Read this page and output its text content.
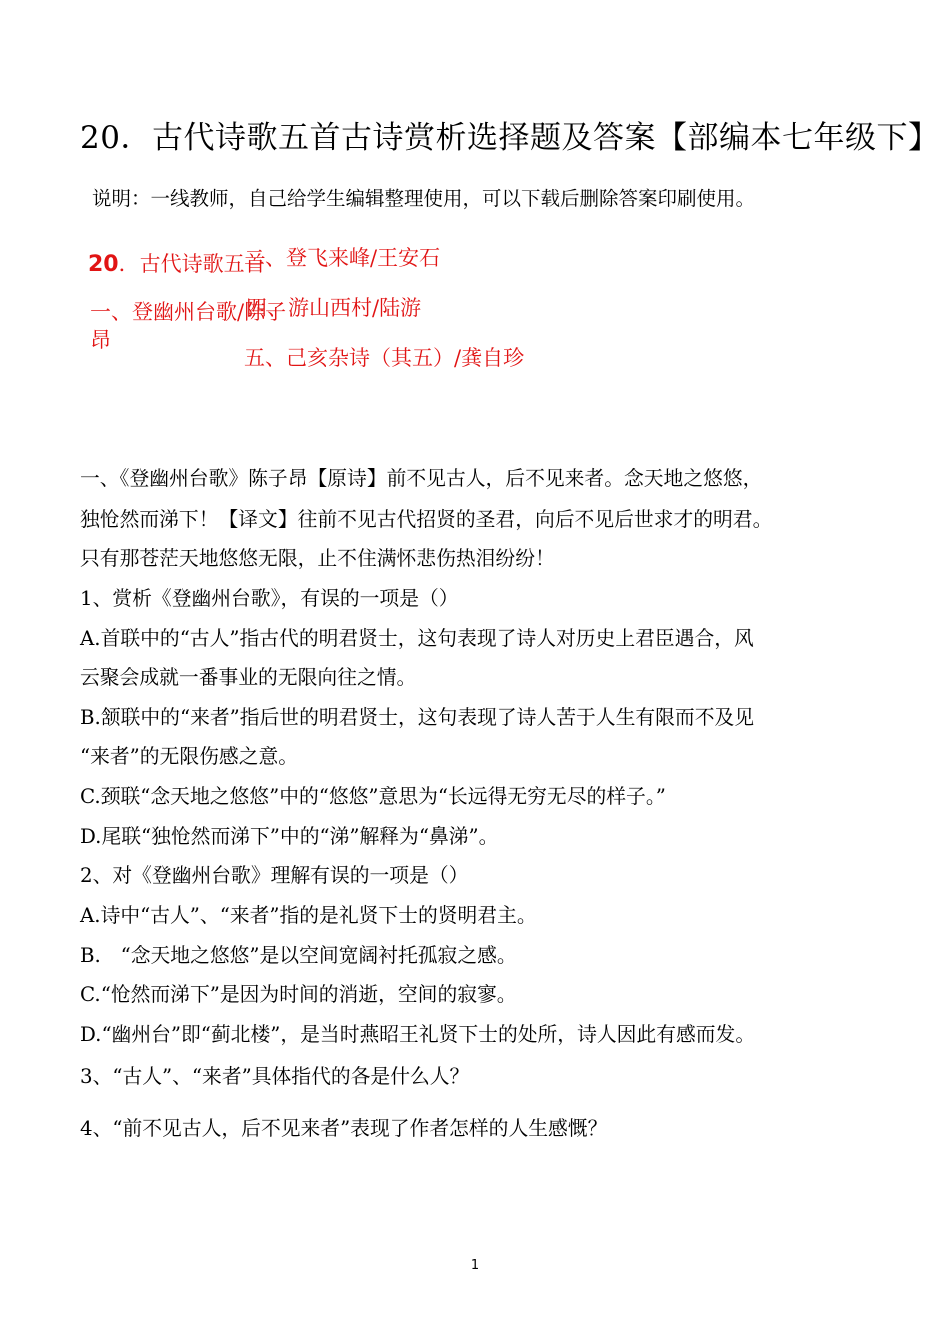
20．古代诗歌五首古诗赏析选择题及答案【部编本七年级下】
说明：一线教师，自己给学生编辑整理使用，可以下载后删除答案印刷使用。
20．古代诗歌五首
二、登飞来峰/王安石
一、登幽州台歌/陈子
昂
四、游山西村/陆游
五、己亥杂诗（其五）/龚自珍
一、《登幽州台歌》陈子昂【原诗】前不见古人，后不见来者。念天地之悠悠，
独怆然而涕下！【译文】往前不见古代招贤的圣君，向后不见后世求才的明君。
只有那苍茫天地悠悠无限，止不住满怀悲伤热泪纷纷！
1、赏析《登幽州台歌》，有误的一项是（）
A.首联中的“古人”指古代的明君贤士，这句表现了诗人对历史上君臣遇合，风
云聚会成就一番事业的无限向往之情。
B.颔联中的“来者”指后世的明君贤士，这句表现了诗人苦于人生有限而不及见
“来者”的无限伤感之意。
C.颈联“念天地之悠悠”中的“悠悠”意思为“长远得无穷无尽的样子。”
D.尾联“独怆然而涕下”中的“涕”解释为“鼻涕”。
2、对《登幽州台歌》理解有误的一项是（）
A.诗中“古人”、“来者”指的是礼贤下士的贤明君主。
B.　“念天地之悠悠”是以空间宽阔衬托孤寂之感。
C.“怆然而涕下”是因为时间的消逝，空间的寂寥。
D.“幽州台”即“蓟北楼”，是当时燕昭王礼贤下士的处所，诗人因此有感而发。
3、“古人”、“来者”具体指代的各是什么人？
4、“前不见古人，后不见来者”表现了作者怎样的人生感慨？
1
